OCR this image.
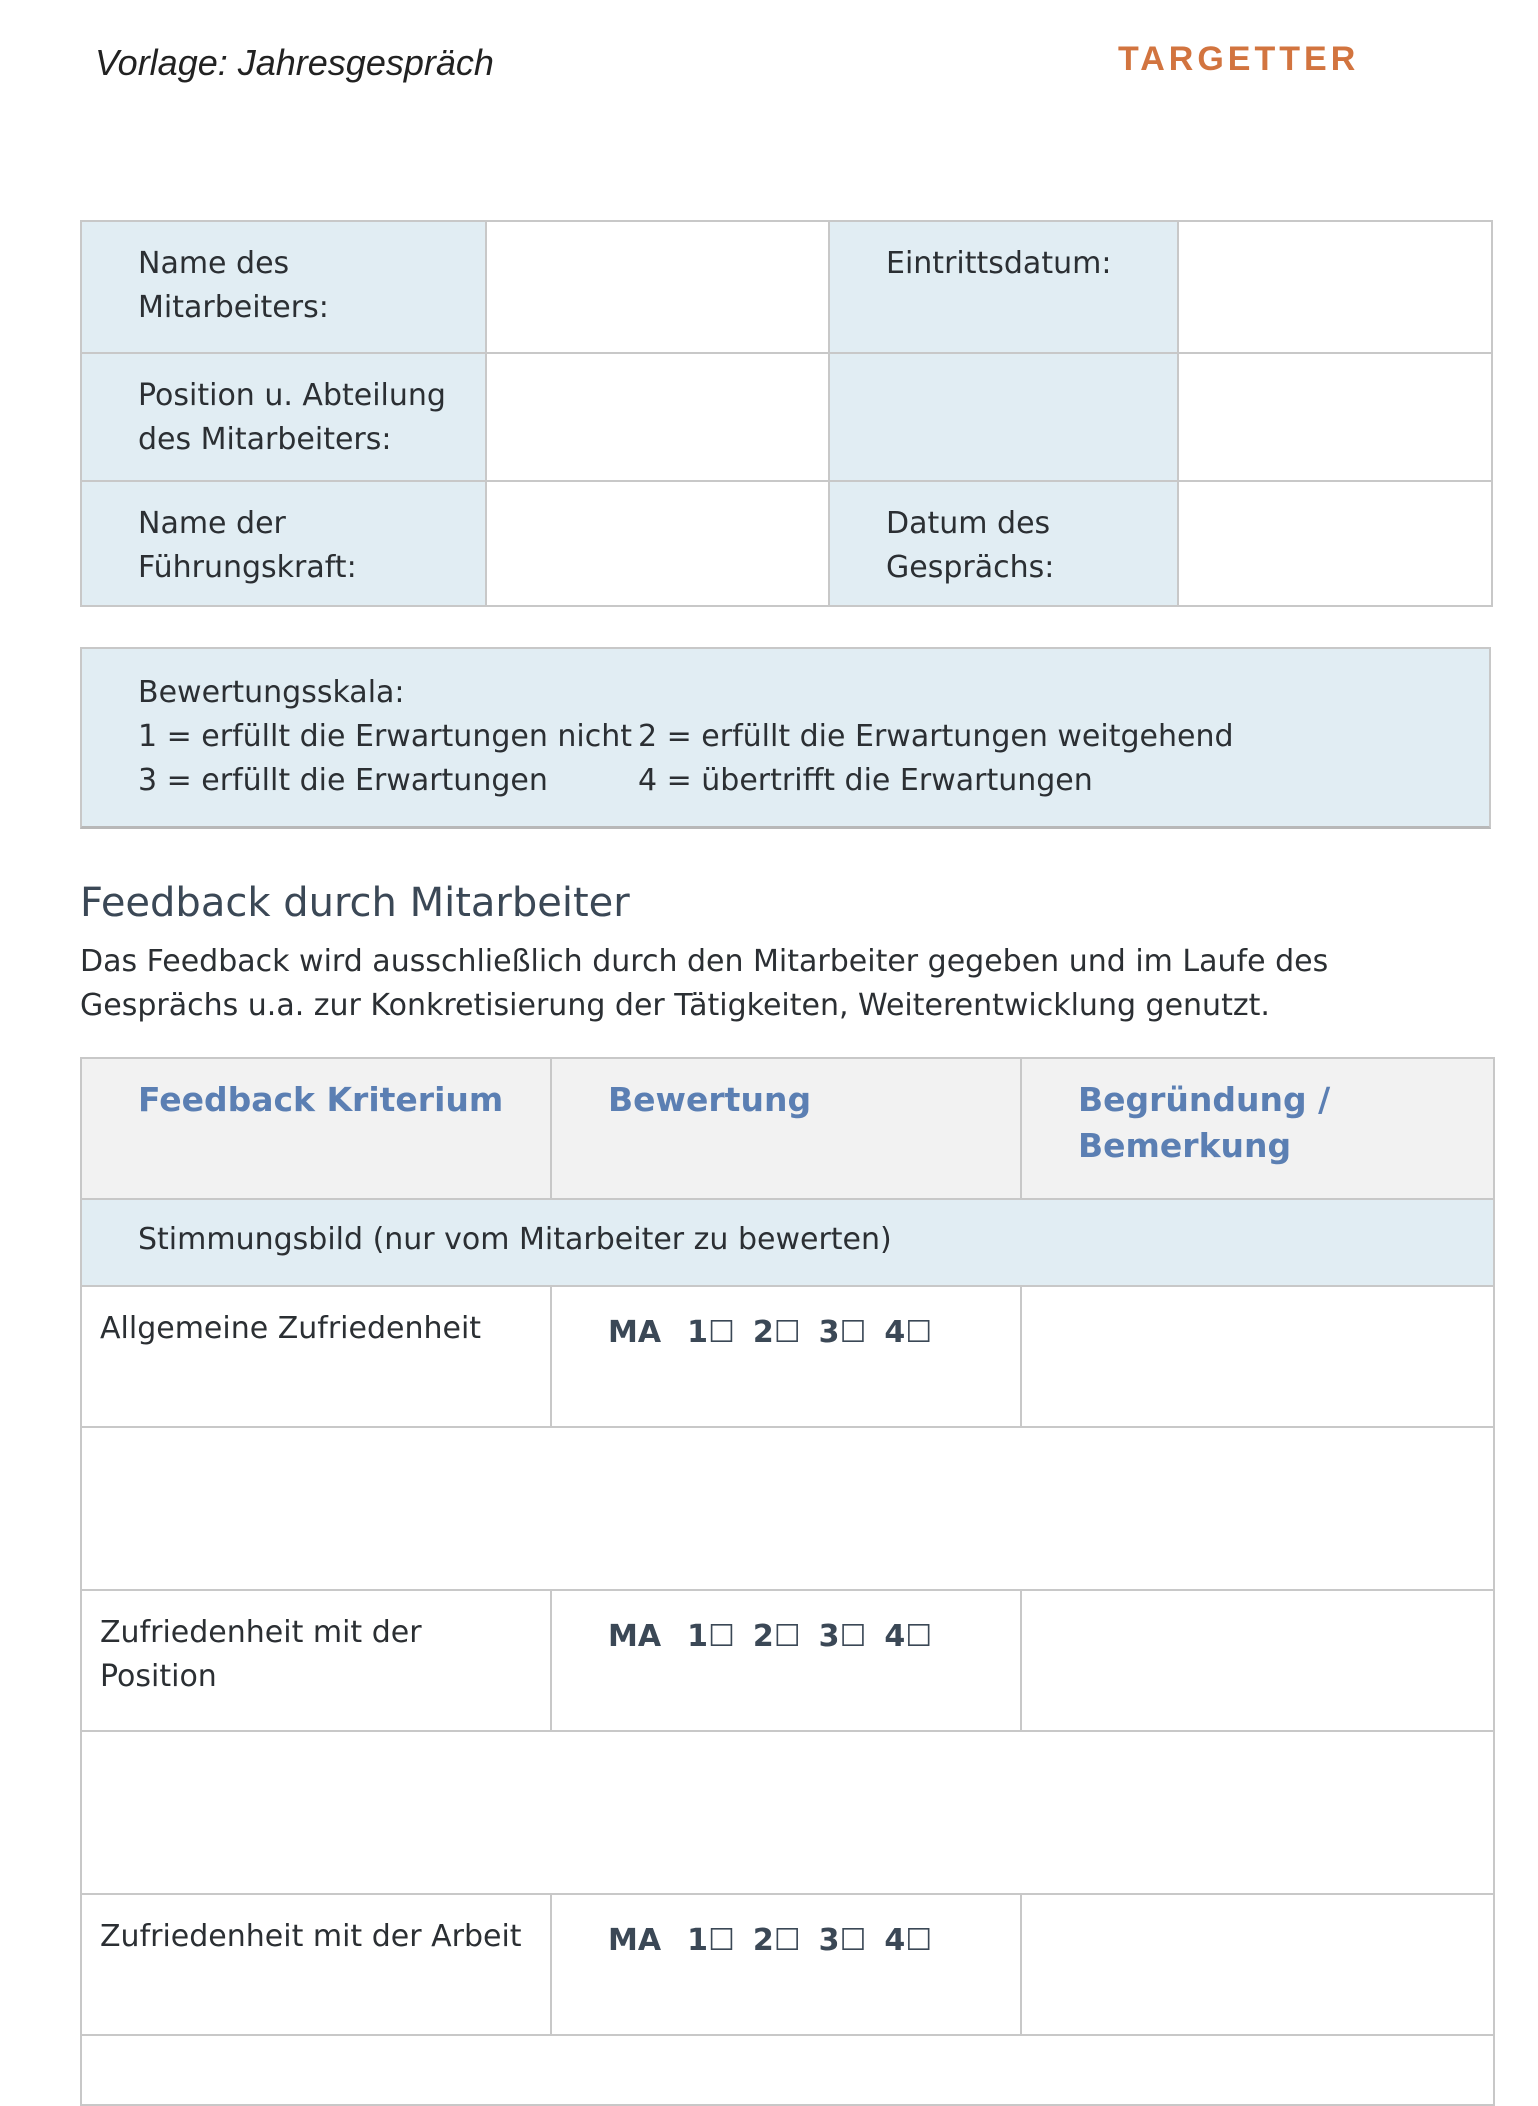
Vorlage: Jahresgespräch	TARGETTER
Name des Mitarbeiters:		Eintrittsdatum:	
Position u. Abteilung des Mitarbeiters:			
Name der Führungskraft:		Datum des Gesprächs:	
Bewertungsskala:
1 = erfüllt die Erwartungen nicht 2 = erfüllt die Erwartungen weitgehend
3 = erfüllt die Erwartungen	4 = übertrifft die Erwartungen
Feedback durch Mitarbeiter
Das Feedback wird ausschließlich durch den Mitarbeiter gegeben und im Laufe des Gesprächs u.a. zur Konkretisierung der Tätigkeiten, Weiterentwicklung genutzt.
Feedback Kriterium	Bewertung	Begründung / Bemerkung
Stimmungsbild (nur vom Mitarbeiter zu bewerten)		
Allgemeine Zufriedenheit	MA 1☐ 2☐ 3☐ 4☐	

Zufriedenheit mit der Position	MA 1☐ 2☐ 3☐ 4☐	

Zufriedenheit mit der Arbeit	MA 1☐ 2☐ 3☐ 4☐	
